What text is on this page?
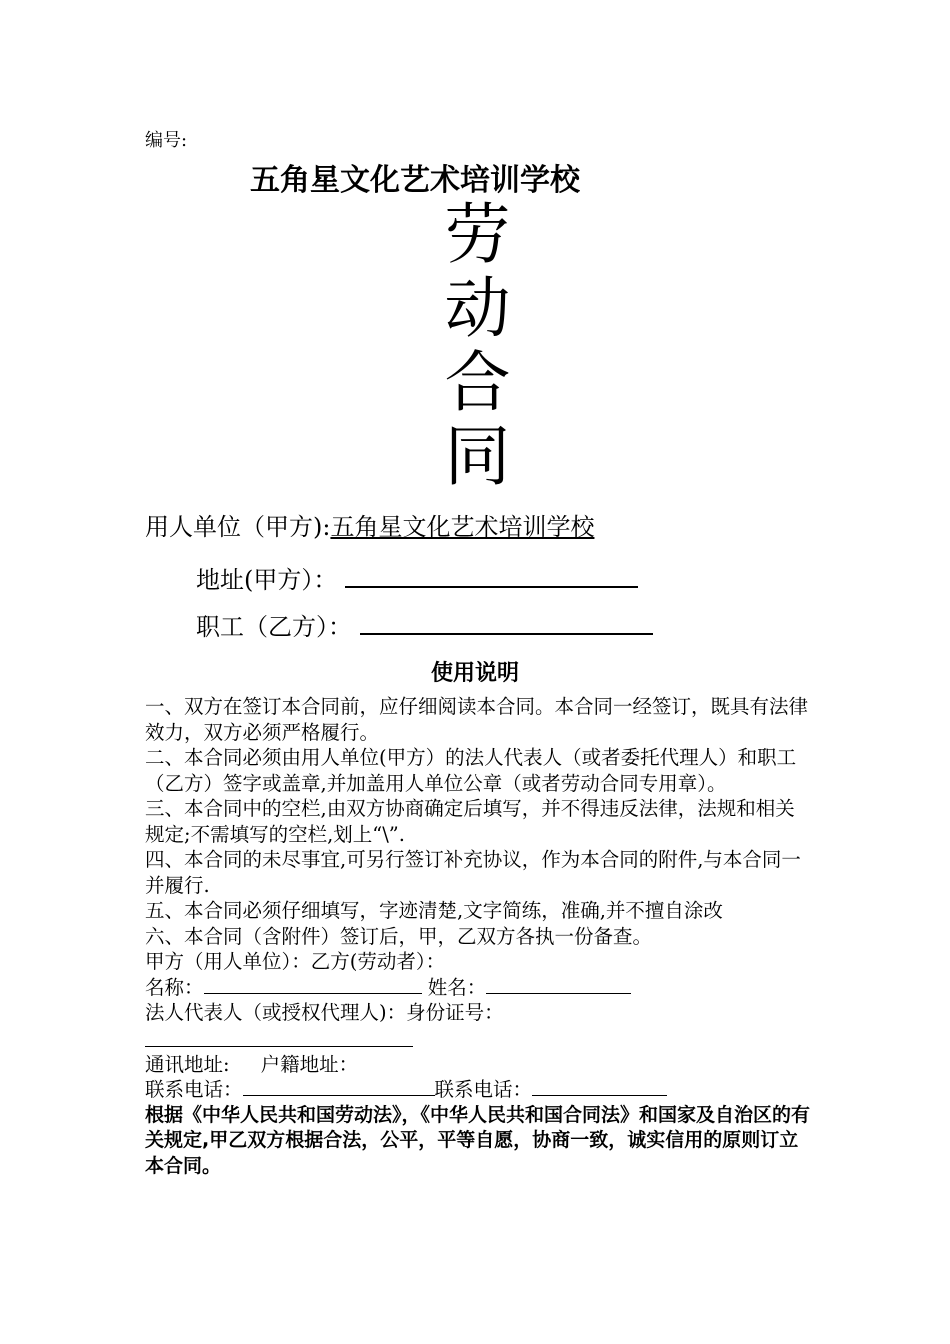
编号:
五角星文化艺术培训学校
劳
动
合
同
用人单位（甲方):五角星文化艺术培训学校
地址(甲方）：
职工（乙方）：
使用说明

一、双方在签订本合同前，应仔细阅读本合同。本合同一经签订，既具有法律效力，双方必须严格履行。

二、本合同必须由用人单位(甲方）的法人代表人（或者委托代理人）和职工（乙方）签字或盖章,并加盖用人单位公章（或者劳动合同专用章）。

三、本合同中的空栏,由双方协商确定后填写，并不得违反法律，法规和相关规定;不需填写的空栏,划上“\”.

四、本合同的未尽事宜,可另行签订补充协议，作为本合同的附件,与本合同一并履行.

五、本合同必须仔细填写，字迹清楚,文字简练，准确,并不擅自涂改

六、本合同（含附件）签订后，甲，乙双方各执一份备查。

甲方（用人单位）：乙方(劳动者）：

名称：	姓名：

法人代表人（或授权代理人)：身份证号：

通讯地址: 户籍地址：

联系电话：	联系电话：

根据《中华人民共和国劳动法》，《中华人民共和国合同法》和国家及自治区的有关规定,甲乙双方根据合法，公平，平等自愿，协商一致，诚实信用的原则订立本合同。
